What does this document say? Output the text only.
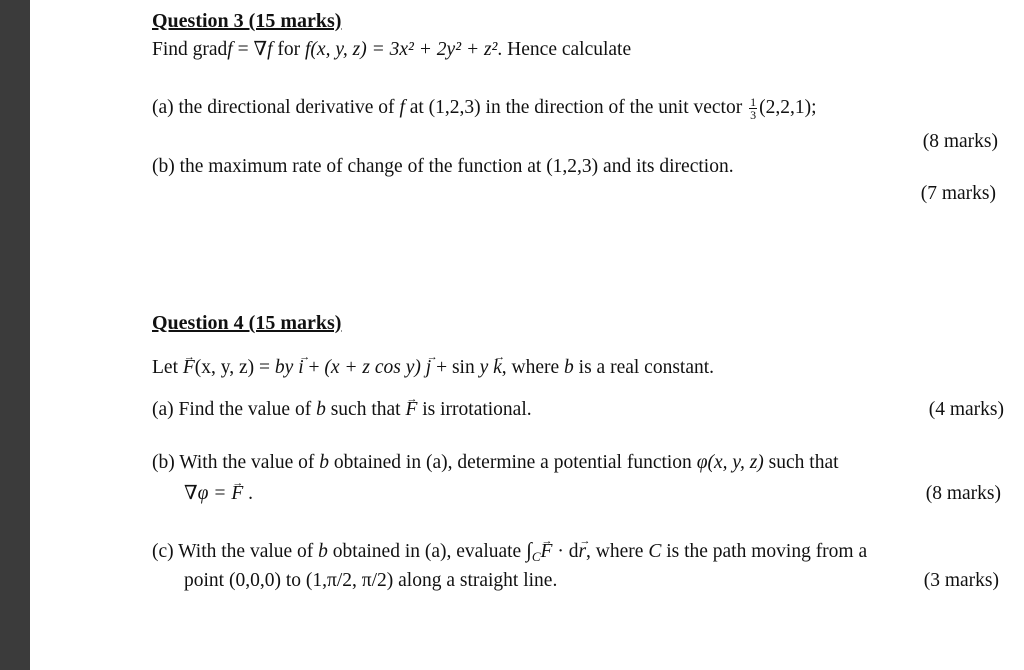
Question 3 (15 marks)
Find gradf = ∇f for f(x, y, z) = 3x² + 2y² + z². Hence calculate
(a) the directional derivative of f at (1,2,3) in the direction of the unit vector $\frac{1}{3} (2,2,1)$;
(8 marks)
(b) the maximum rate of change of the function at (1,2,3) and its direction.
(7 marks)
Question 4 (15 marks)
Let → F(x, y, z) = by → i + (x + z cos y) → j + sin y → k, where b is a real constant.
(a) Find the value of b such that → F is irrotational.	(4 marks)
(b) With the value of b obtained in (a), determine a potential function φ(x, y, z) such that
∇φ = → F .	(8 marks)
(c) With the value of b obtained in (a), evaluate $\int_C\to F \cdot d\to r$, where C is the path moving from a
point (0,0,0) to (1,π/2, π/2) along a straight line.	(3 marks)
